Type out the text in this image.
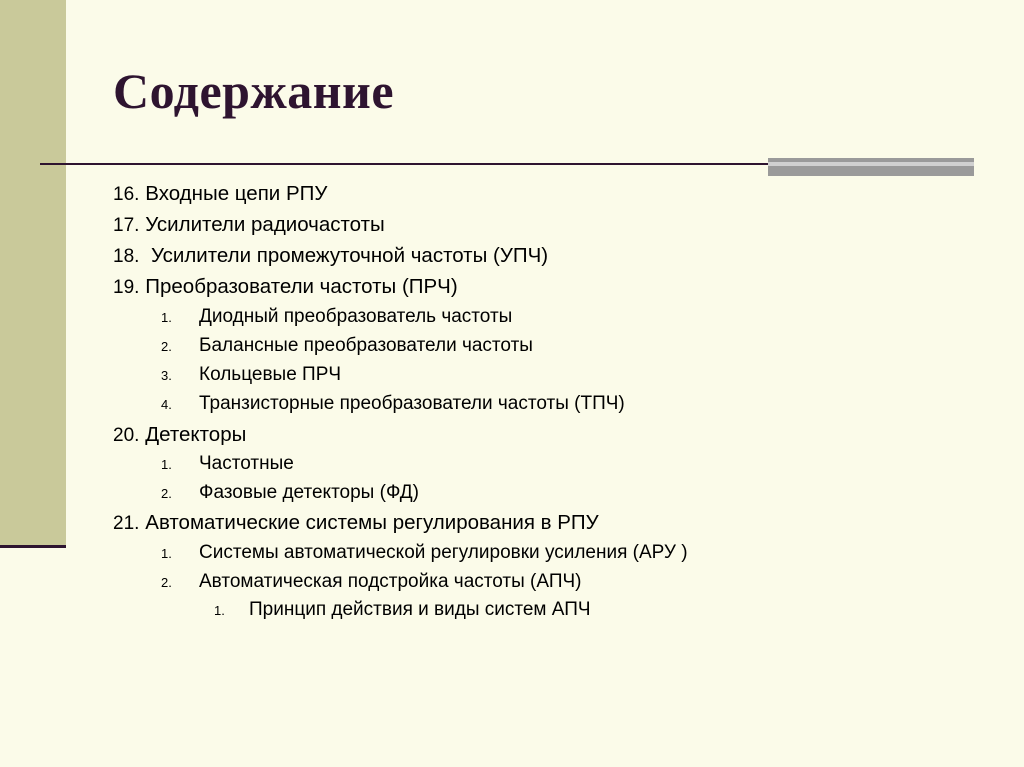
Содержание
16. Входные цепи РПУ
17. Усилители радиочастоты
18.  Усилители промежуточной частоты (УПЧ)
19. Преобразователи частоты (ПРЧ)
1. Диодный преобразователь частоты
2. Балансные преобразователи частоты
3. Кольцевые ПРЧ
4. Транзисторные преобразователи частоты (ТПЧ)
20. Детекторы
1. Частотные
2. Фазовые детекторы (ФД)
21. Автоматические системы регулирования в РПУ
1. Системы автоматической регулировки усиления (АРУ )
2. Автоматическая подстройка частоты (АПЧ)
1. Принцип действия и виды систем АПЧ
